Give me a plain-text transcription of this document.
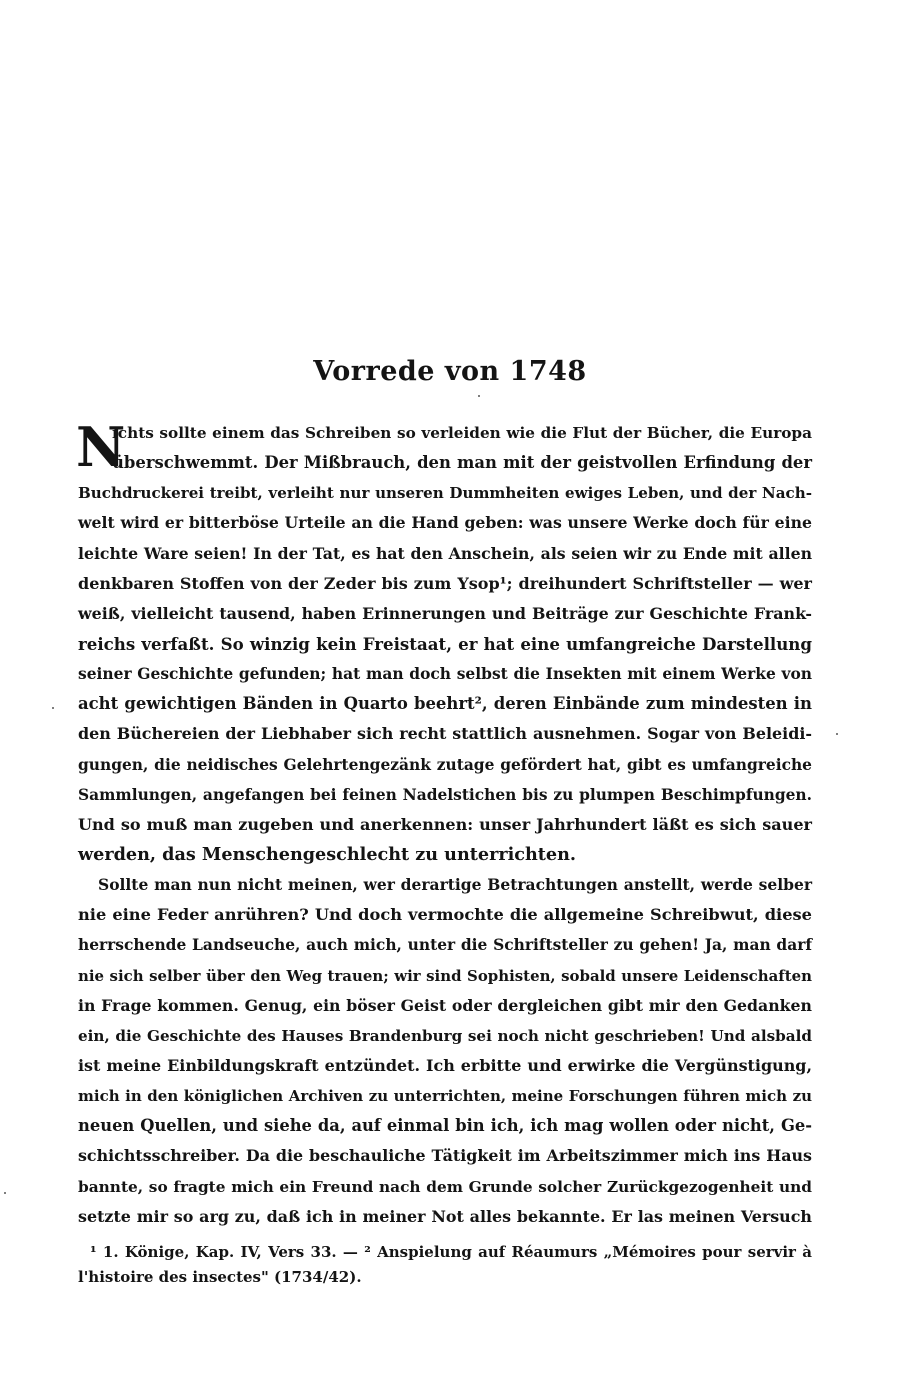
Vorrede von 1748
N
ichts sollte einem das Schreiben so verleiden wie die Flut der Bücher, die Europa
überschwemmt. Der Mißbrauch, den man mit der geistvollen Erfindung der
Buchdruckerei treibt, verleiht nur unseren Dummheiten ewiges Leben, und der Nach-
welt wird er bitterböse Urteile an die Hand geben: was unsere Werke doch für eine
leichte Ware seien! In der Tat, es hat den Anschein, als seien wir zu Ende mit allen
denkbaren Stoffen von der Zeder bis zum Ysop¹; dreihundert Schriftsteller — wer
weiß, vielleicht tausend, haben Erinnerungen und Beiträge zur Geschichte Frank-
reichs verfaßt. So winzig kein Freistaat, er hat eine umfangreiche Darstellung
seiner Geschichte gefunden; hat man doch selbst die Insekten mit einem Werke von
acht gewichtigen Bänden in Quarto beehrt², deren Einbände zum mindesten in
den Büchereien der Liebhaber sich recht stattlich ausnehmen. Sogar von Beleidi-
gungen, die neidisches Gelehrtengezänk zutage gefördert hat, gibt es umfangreiche
Sammlungen, angefangen bei feinen Nadelstichen bis zu plumpen Beschimpfungen.
Und so muß man zugeben und anerkennen: unser Jahrhundert läßt es sich sauer
werden, das Menschengeschlecht zu unterrichten.
Sollte man nun nicht meinen, wer derartige Betrachtungen anstellt, werde selber
nie eine Feder anrühren? Und doch vermochte die allgemeine Schreibwut, diese
herrschende Landseuche, auch mich, unter die Schriftsteller zu gehen! Ja, man darf
nie sich selber über den Weg trauen; wir sind Sophisten, sobald unsere Leidenschaften
in Frage kommen. Genug, ein böser Geist oder dergleichen gibt mir den Gedanken
ein, die Geschichte des Hauses Brandenburg sei noch nicht geschrieben! Und alsbald
ist meine Einbildungskraft entzündet. Ich erbitte und erwirke die Vergünstigung,
mich in den königlichen Archiven zu unterrichten, meine Forschungen führen mich zu
neuen Quellen, und siehe da, auf einmal bin ich, ich mag wollen oder nicht, Ge-
schichtsschreiber. Da die beschauliche Tätigkeit im Arbeitszimmer mich ins Haus
bannte, so fragte mich ein Freund nach dem Grunde solcher Zurückgezogenheit und
setzte mir so arg zu, daß ich in meiner Not alles bekannte. Er las meinen Versuch
¹ 1. Könige, Kap. IV, Vers 33. — ² Anspielung auf Réaumurs „Mémoires pour servir à
l'histoire des insectes" (1734/42).
